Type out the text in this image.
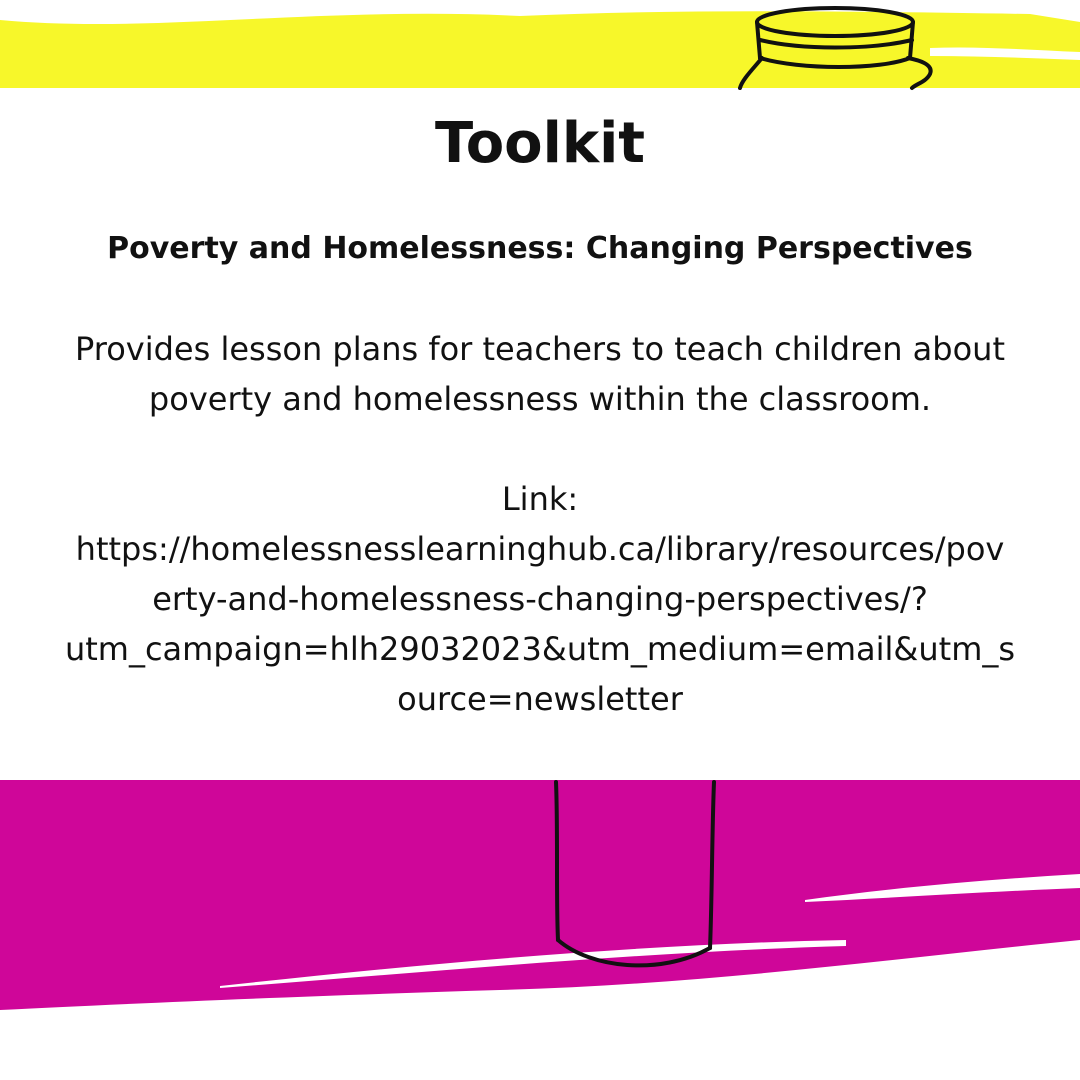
Toolkit
Poverty and Homelessness: Changing Perspectives

Provides lesson plans for teachers to teach children about
poverty and homelessness within the classroom.

Link:
https://homelessnesslearninghub.ca/library/resources/pov
erty-and-homelessness-changing-perspectives/?
utm_campaign=hlh29032023&utm_medium=email&utm_s
ource=newsletter
